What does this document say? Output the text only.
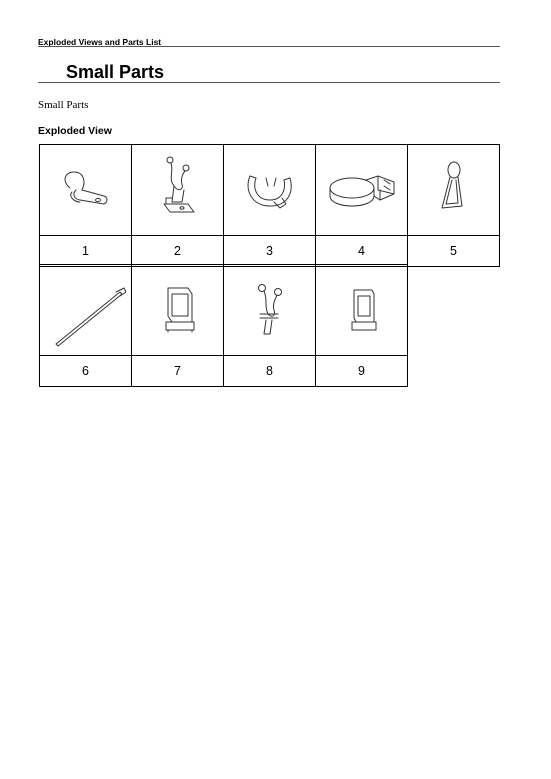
Exploded Views and Parts List
Small Parts
Small Parts
Exploded View
1	2	3	4	5
6	7	8	9
